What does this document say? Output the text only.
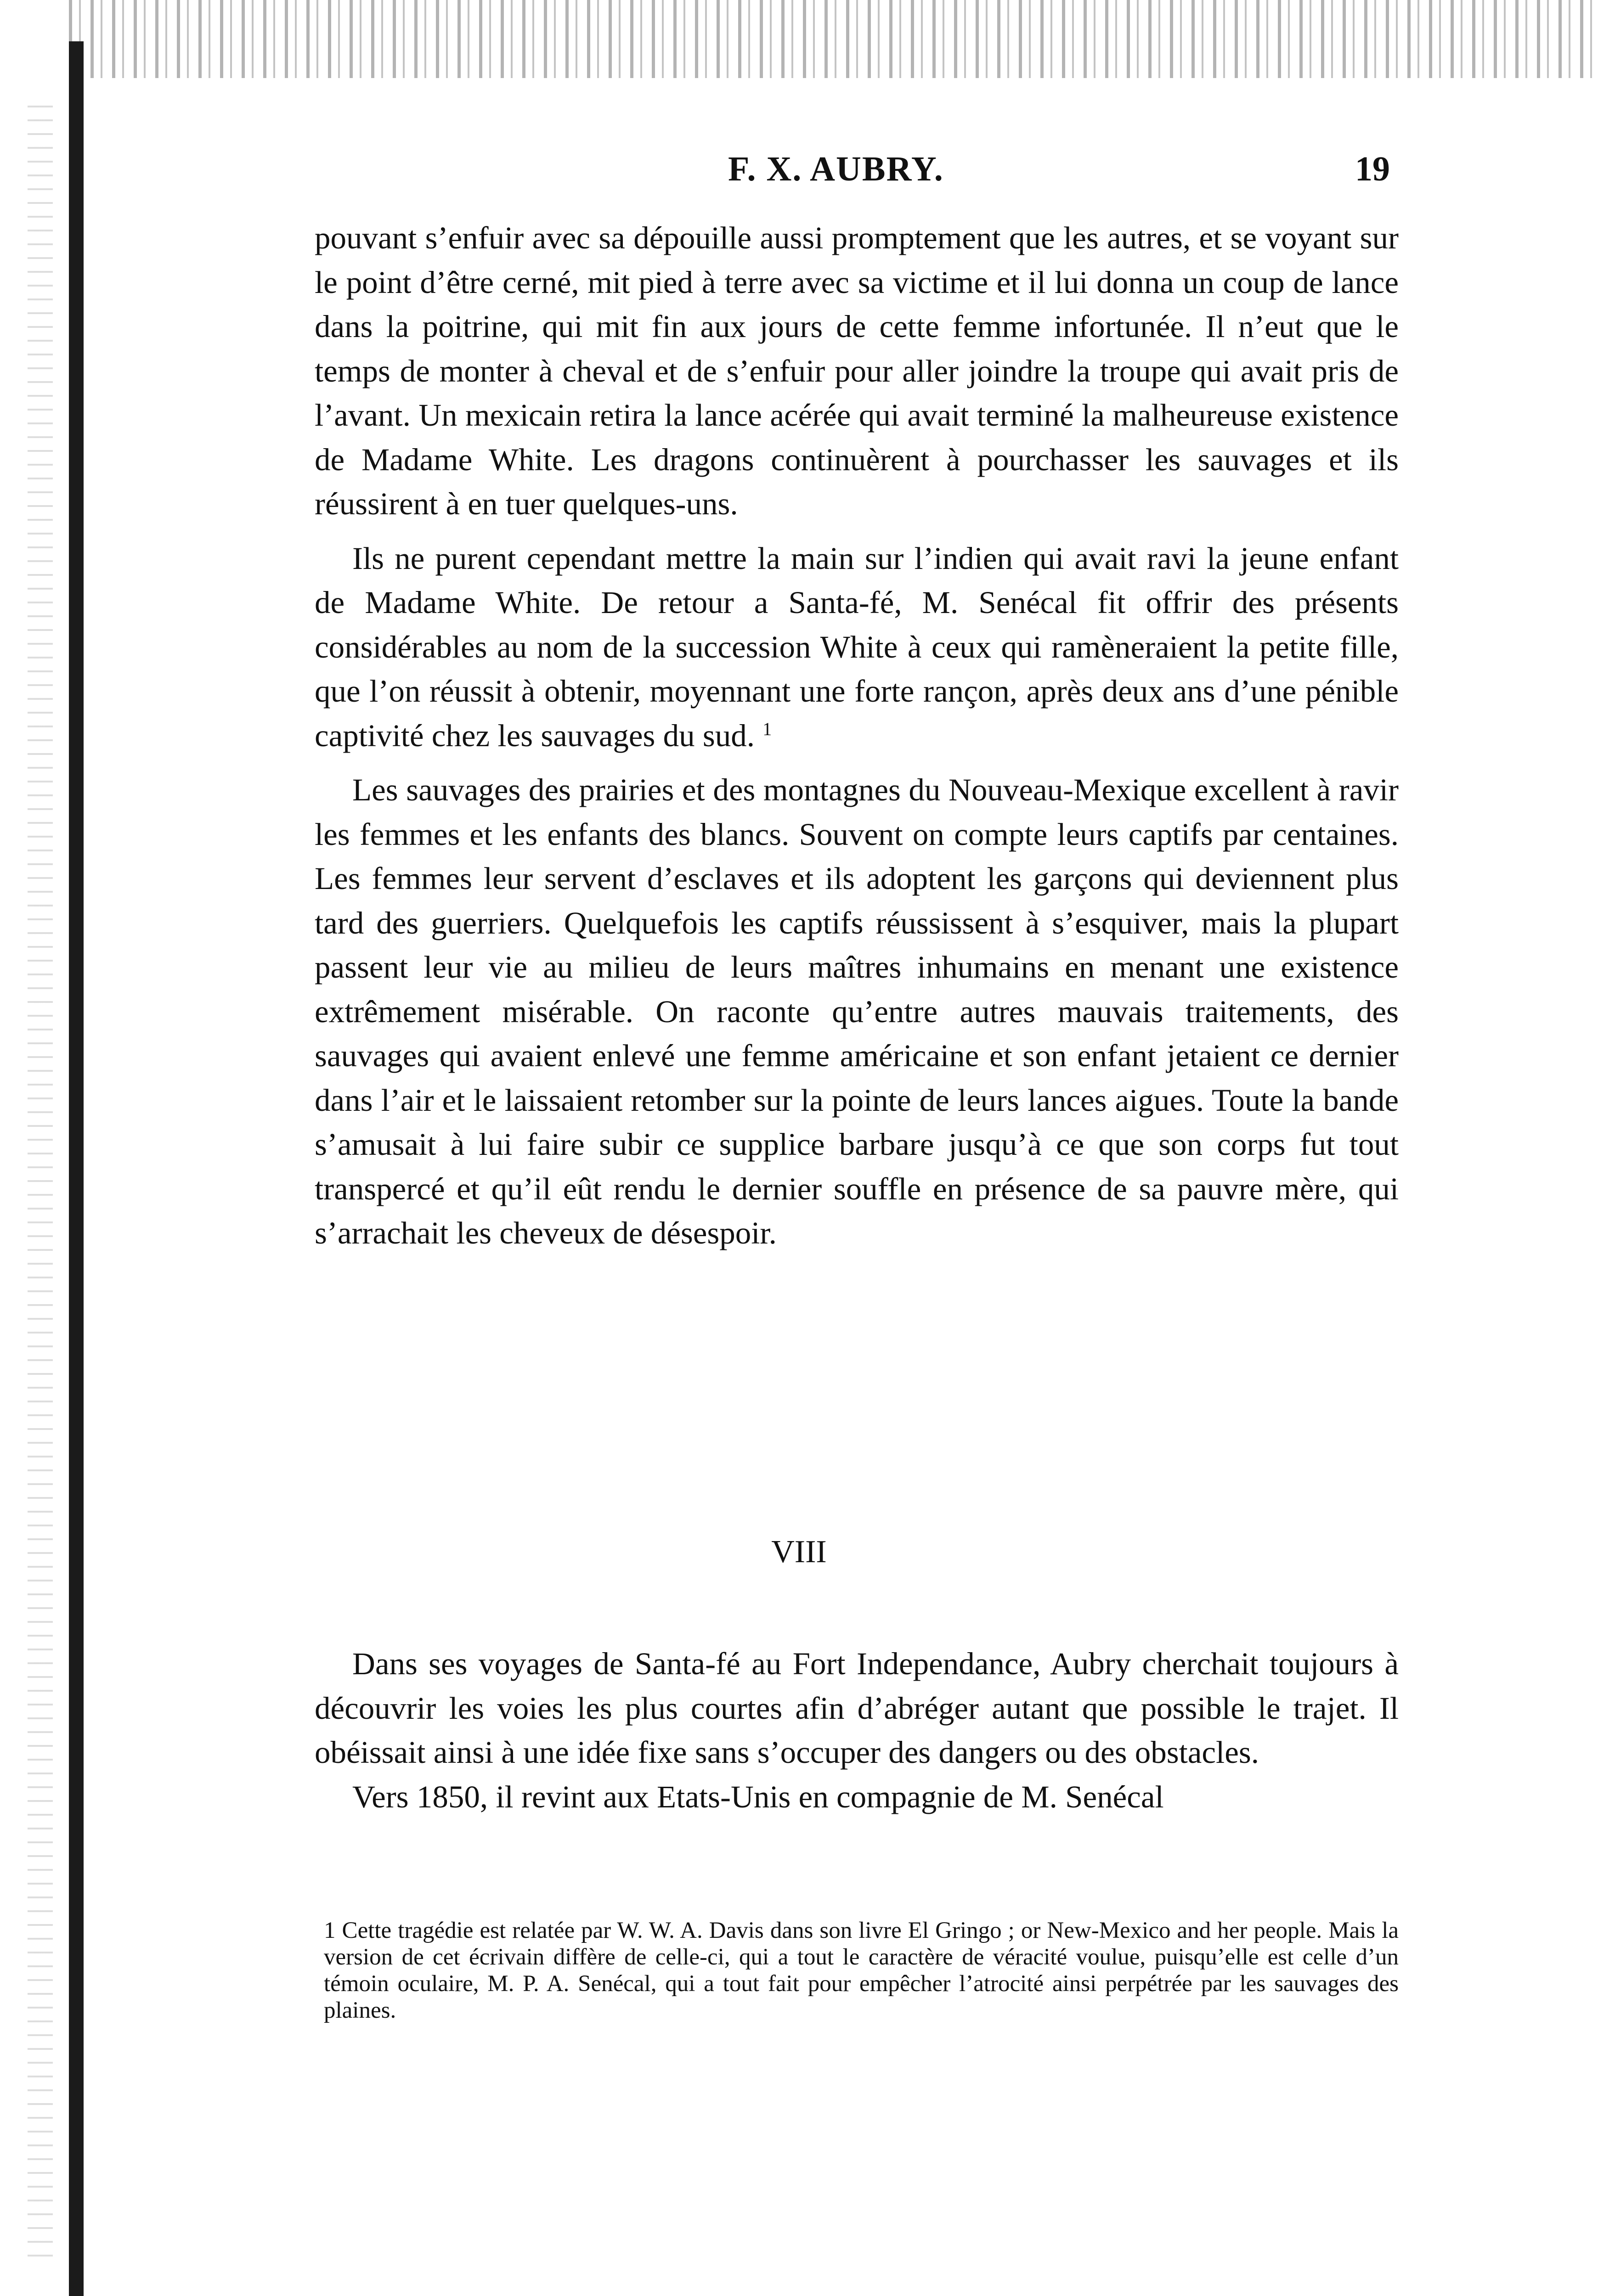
F. X. AUBRY.	19

pouvant s’enfuir avec sa dépouille aussi promptement que les autres, et se voyant sur le point d’être cerné, mit pied à terre avec sa victime et il lui donna un coup de lance dans la poitrine, qui mit fin aux jours de cette femme infortunée. Il n’eut que le temps de monter à cheval et de s’enfuir pour aller joindre la troupe qui avait pris de l’avant. Un mexicain retira la lance acérée qui avait terminé la malheureuse existence de Madame White. Les dragons continuèrent à pourchasser les sauvages et ils réussirent à en tuer quelques-uns.

Ils ne purent cependant mettre la main sur l’indien qui avait ravi la jeune enfant de Madame White. De retour a Santa-fé, M. Senécal fit offrir des présents considérables au nom de la succession White à ceux qui ramèneraient la petite fille, que l’on réussit à obtenir, moyennant une forte rançon, après deux ans d’une pénible captivité chez les sauvages du sud. $^1$

Les sauvages des prairies et des montagnes du Nouveau-Mexique excellent à ravir les femmes et les enfants des blancs. Souvent on compte leurs captifs par centaines. Les femmes leur servent d’esclaves et ils adoptent les garçons qui deviennent plus tard des guerriers. Quelquefois les captifs réussissent à s’esquiver, mais la plupart passent leur vie au milieu de leurs maîtres inhumains en menant une existence extrêmement misérable. On raconte qu’entre autres mauvais traitements, des sauvages qui avaient enlevé une femme américaine et son enfant jetaient ce dernier dans l’air et le laissaient retomber sur la pointe de leurs lances aigues. Toute la bande s’amusait à lui faire subir ce supplice barbare jusqu’à ce que son corps fut tout transpercé et qu’il eût rendu le dernier souffle en présence de sa pauvre mère, qui s’arrachait les cheveux de désespoir.

VIII

Dans ses voyages de Santa-fé au Fort Independance, Aubry cherchait toujours à découvrir les voies les plus courtes afin d’abréger autant que possible le trajet. Il obéissait ainsi à une idée fixe sans s’occuper des dangers ou des obstacles.

Vers 1850, il revint aux Etats-Unis en compagnie de M. Senécal

1 Cette tragédie est relatée par W. W. A. Davis dans son livre El Gringo ; or New-Mexico and her people. Mais la version de cet écrivain diffère de celle-ci, qui a tout le caractère de véracité voulue, puisqu’elle est celle d’un témoin oculaire, M. P. A. Senécal, qui a tout fait pour empêcher l’atrocité ainsi perpétrée par les sauvages des plaines.
